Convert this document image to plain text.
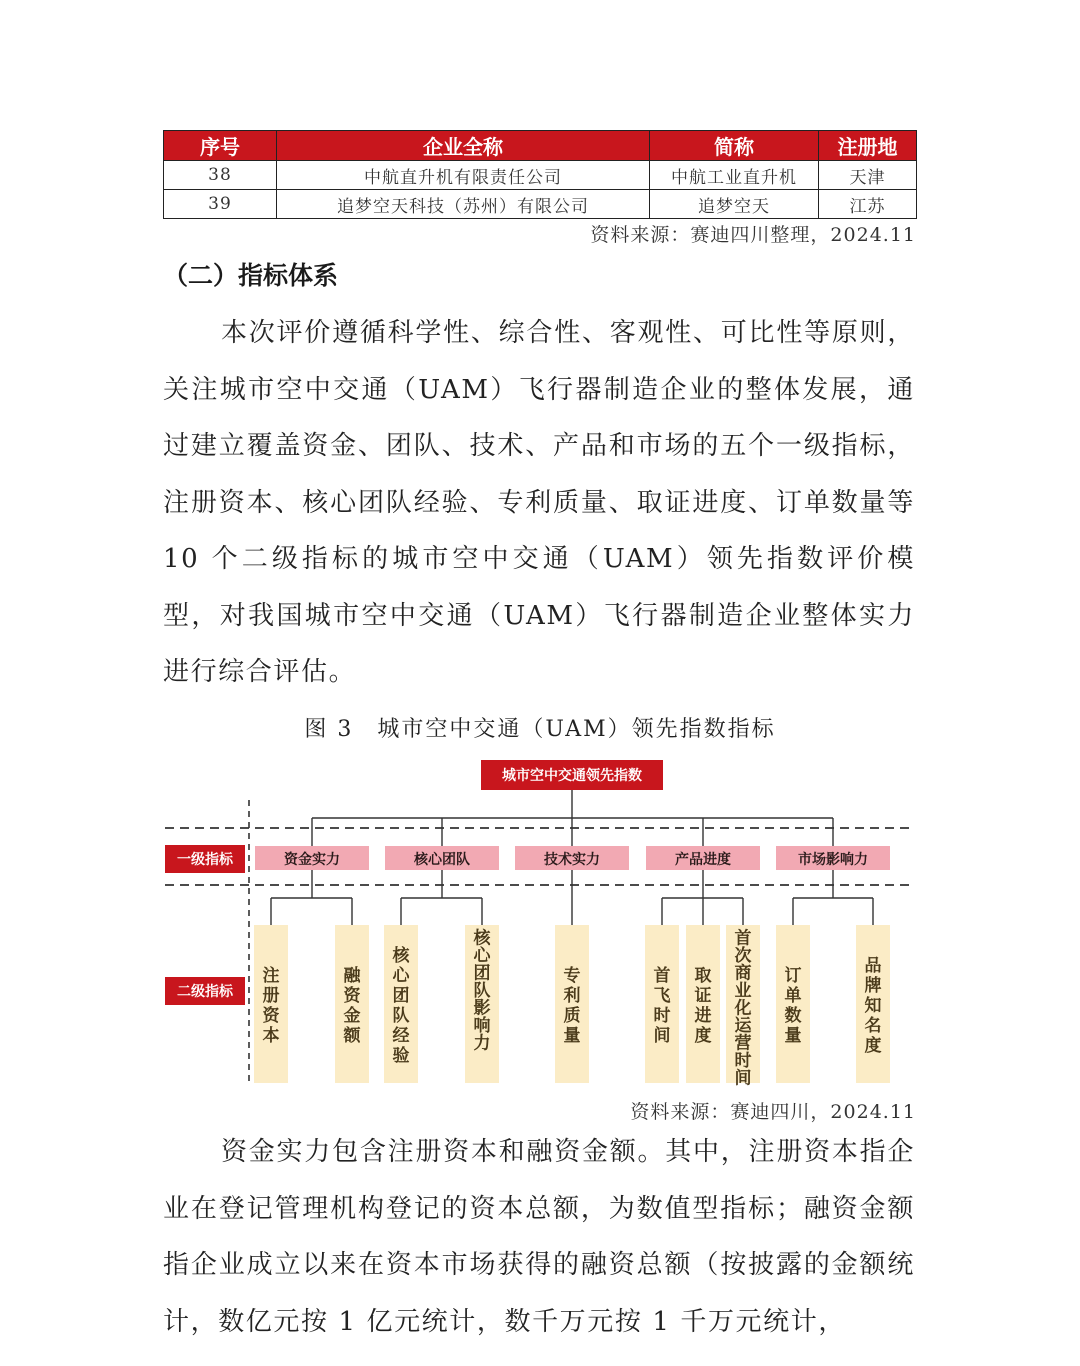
序号	企业全称	简称	注册地
38	中航直升机有限责任公司	中航工业直升机	天津
39	追梦空天科技（苏州）有限公司	追梦空天	江苏
资料来源：赛迪四川整理，2024.11
（二）指标体系

本次评价遵循科学性、综合性、客观性、可比性等原则，关注城市空中交通（UAM）飞行器制造企业的整体发展，通过建立覆盖资金、团队、技术、产品和市场的五个一级指标，注册资本、核心团队经验、专利质量、取证进度、订单数量等 10 个二级指标的城市空中交通（UAM）领先指数评价模型，对我国城市空中交通（UAM）飞行器制造企业整体实力进行综合评估。

图 3　城市空中交通（UAM）领先指数指标
城市空中交通领先指数
一级指标
二级指标
资金实力	核心团队	技术实力	产品进度	市场影响力
注册资本
融资金额
核心团队经验
核心团队影响力
专利质量
首飞时间
取证进度
首次商业化运营时间
订单数量
品牌知名度
资料来源：赛迪四川，2024.11

资金实力包含注册资本和融资金额。其中，注册资本指企业在登记管理机构登记的资本总额，为数值型指标；融资金额指企业成立以来在资本市场获得的融资总额（按披露的金额统计，数亿元按 1 亿元统计，数千万元按 1 千万元统计，
